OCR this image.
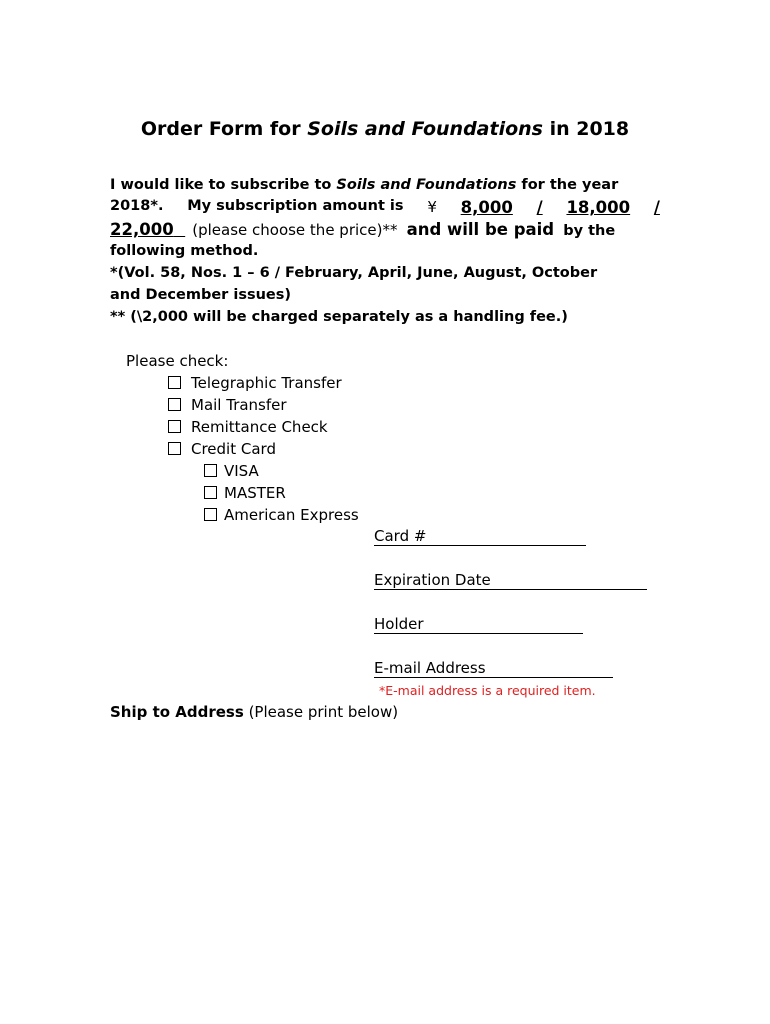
Order Form for Soils and Foundations in 2018
I would like to subscribe to Soils and Foundations for the year
2018*. My subscription amount is ¥ 8,000 / 18,000 /
22,000 (please choose the price)** and will be paid by the
following method.
*(Vol. 58, Nos. 1 – 6 / February, April, June, August, October
and December issues)
** (\2,000 will be charged separately as a handling fee.)
Please check:
Telegraphic Transfer
Mail Transfer
Remittance Check
Credit Card
VISA
MASTER
American Express
Card #
Expiration Date
Holder
E-mail Address
*E-mail address is a required item.
Ship to Address (Please print below)
